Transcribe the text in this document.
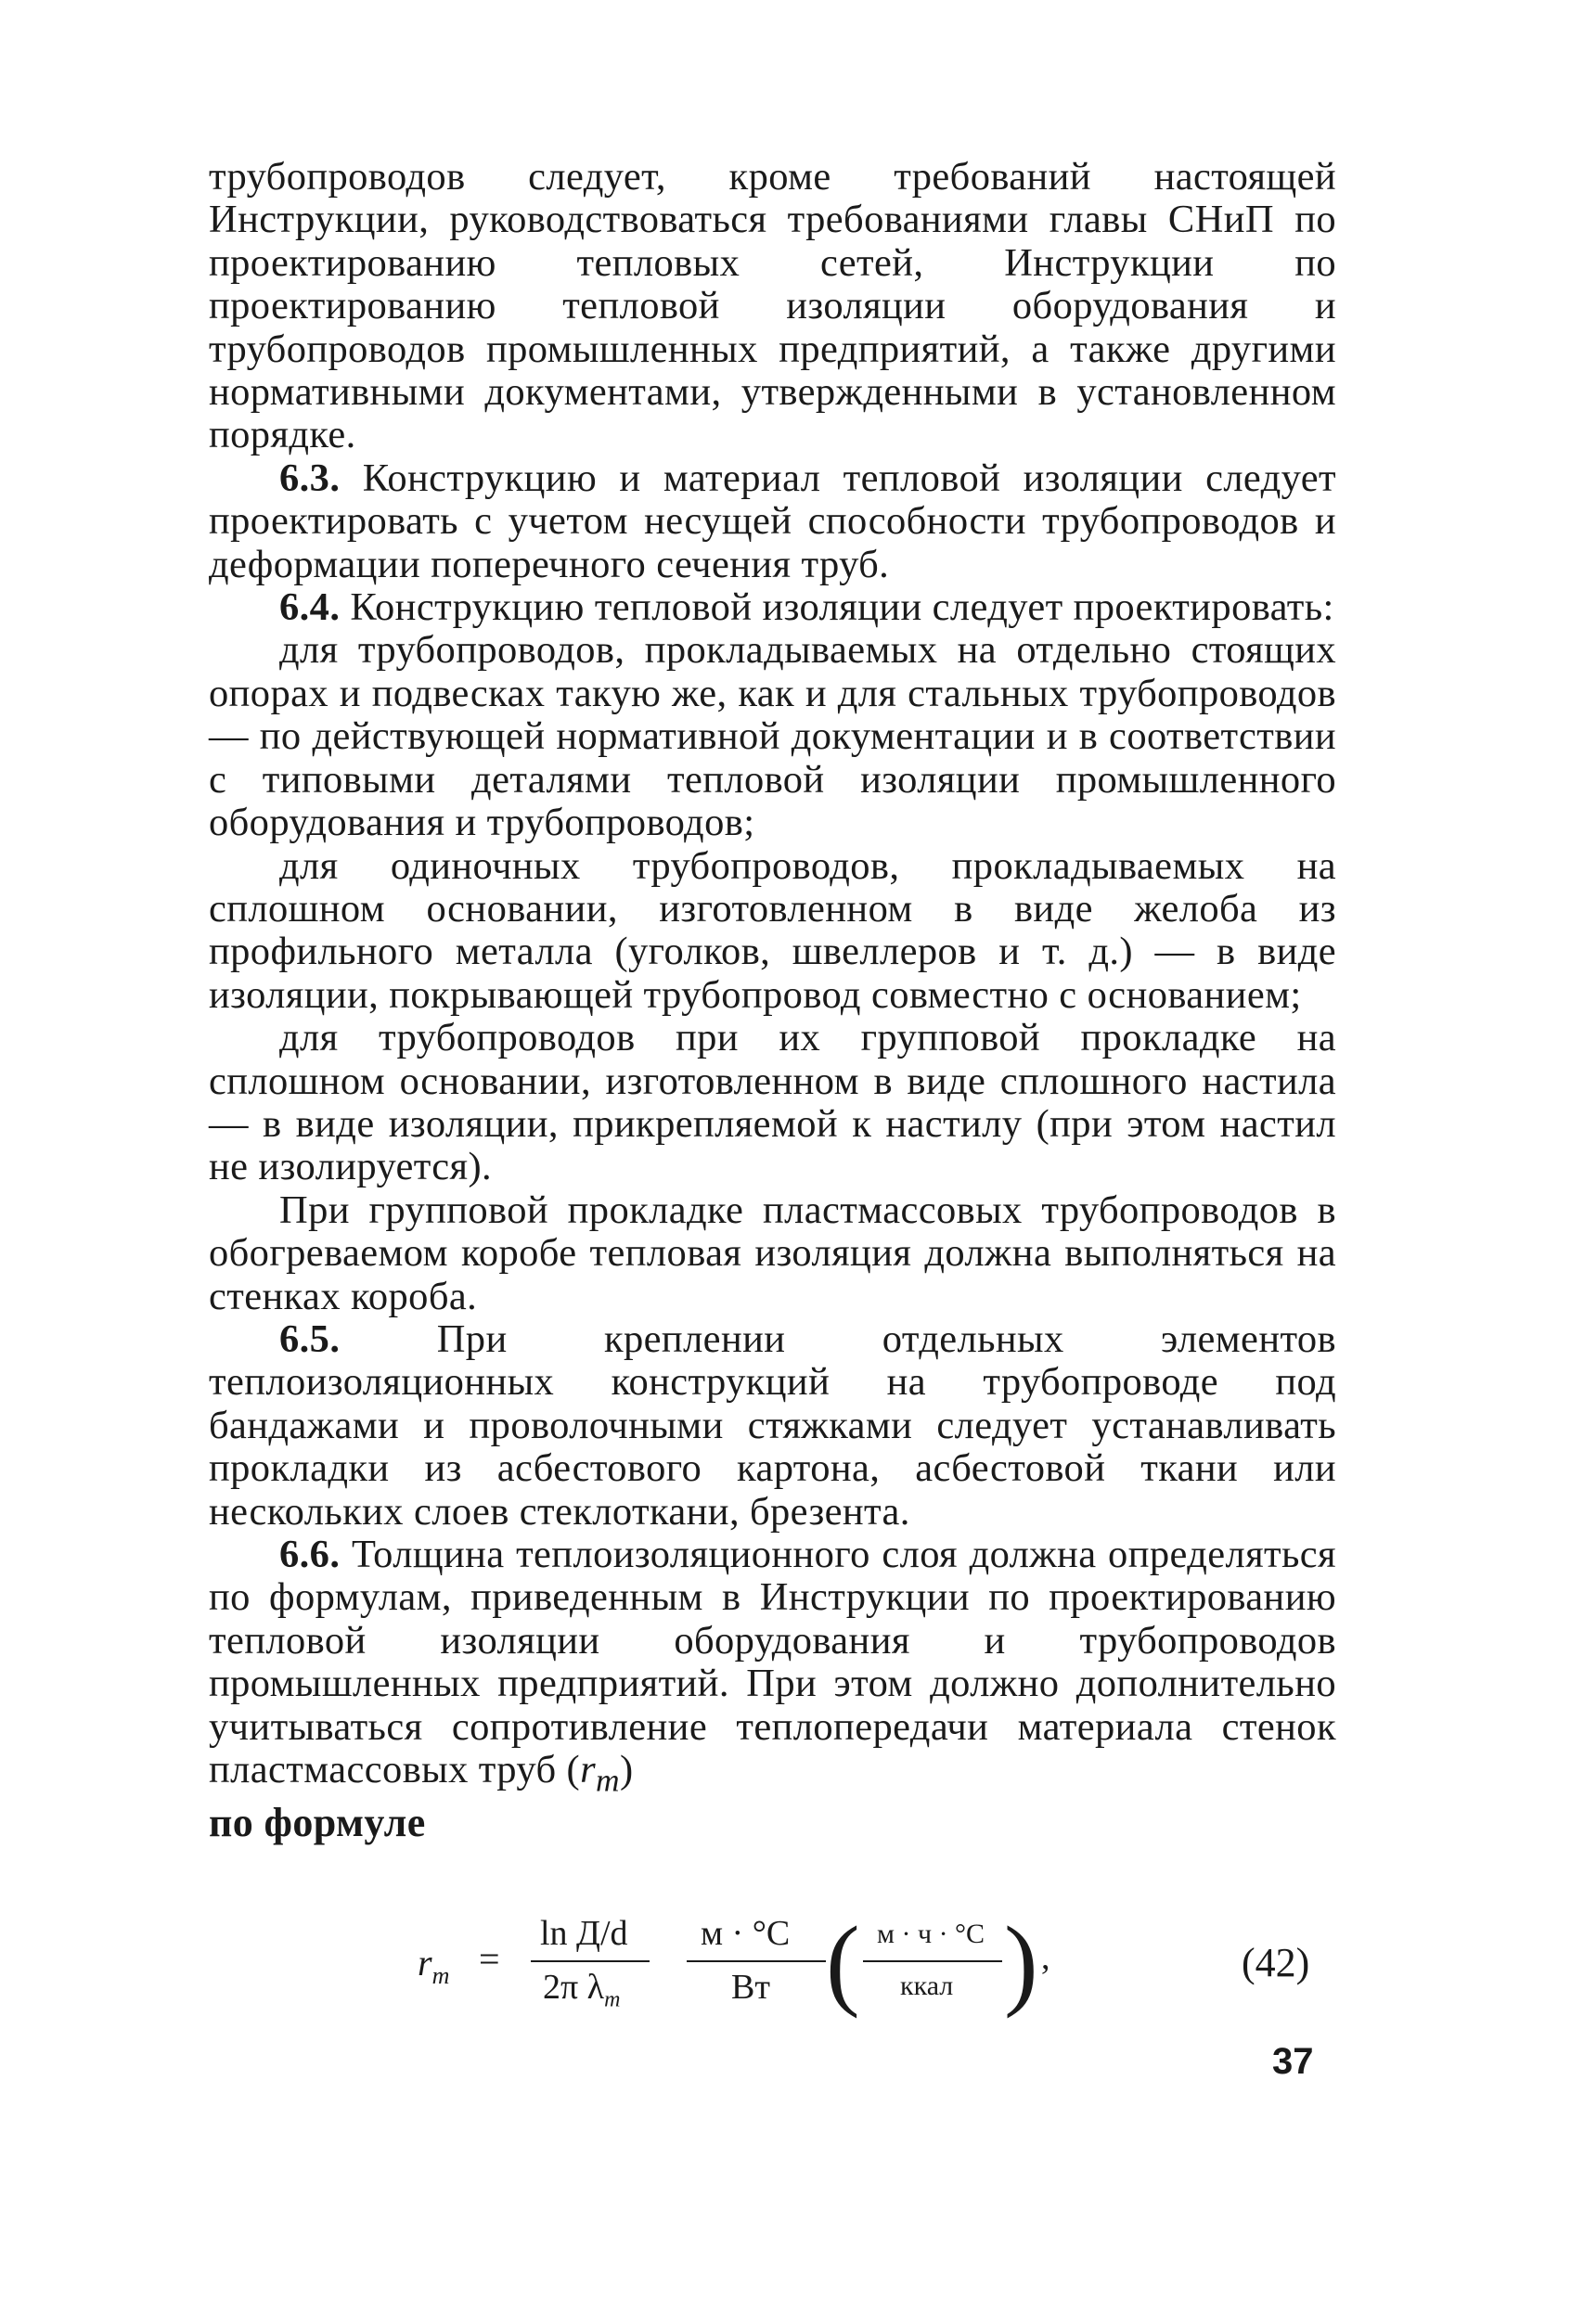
трубопроводов следует, кроме требований настоящей Инструкции, руководствоваться требованиями главы СНиП по проектированию тепловых сетей, Инструкции по проектированию тепловой изоляции оборудования и трубопроводов промышленных предприятий, а также другими нормативными документами, утвержденными в установленном порядке.

6.3. Конструкцию и материал тепловой изоляции следует проектировать с учетом несущей способности трубопроводов и деформации поперечного сечения труб.

6.4. Конструкцию тепловой изоляции следует проектировать:

для трубопроводов, прокладываемых на отдельно стоящих опорах и подвесках такую же, как и для стальных трубопроводов — по действующей нормативной документации и в соответствии с типовыми деталями тепловой изоляции промышленного оборудования и трубопроводов;

для одиночных трубопроводов, прокладываемых на сплошном основании, изготовленном в виде желоба из профильного металла (уголков, швеллеров и т. д.) — в виде изоляции, покрывающей трубопровод совместно с основанием;

для трубопроводов при их групповой прокладке на сплошном основании, изготовленном в виде сплошного настила — в виде изоляции, прикрепляемой к настилу (при этом настил не изолируется).

При групповой прокладке пластмассовых трубопроводов в обогреваемом коробе тепловая изоляция должна выполняться на стенках короба.

6.5. При креплении отдельных элементов теплоизоляционных конструкций на трубопроводе под бандажами и проволочными стяжками следует устанавливать прокладки из асбестового картона, асбестовой ткани или нескольких слоев стеклоткани, брезента.

6.6. Толщина теплоизоляционного слоя должна определяться по формулам, приведенным в Инструкции по проектированию тепловой изоляции оборудования и трубопроводов промышленных предприятий. При этом должно дополнительно учитываться сопротивление теплопередачи материала стенок пластмассовых труб $(r_m)$

по формуле

$r_m$ =
ln Д/d
2π $\lambda_m$
м · °С
Вт ( м · ч · °С
ккал ) ,	(42)
37
